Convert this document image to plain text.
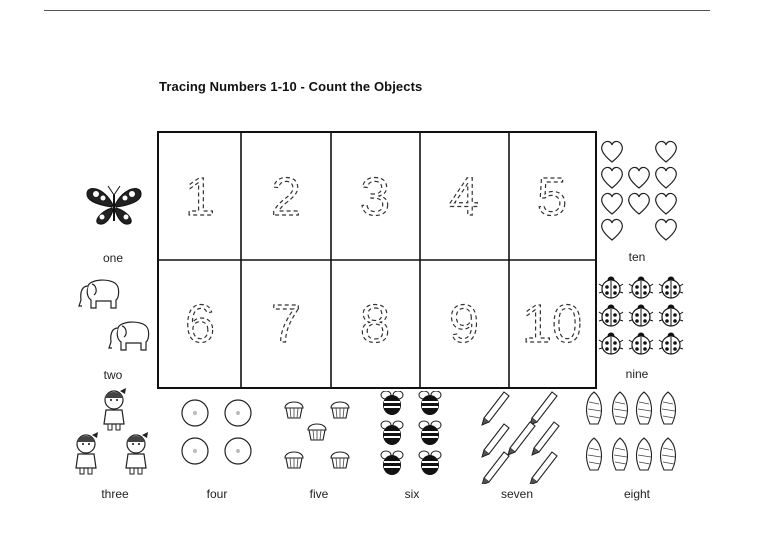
Tracing Numbers 1-10 - Count the Objects
1 2 3 4 5
6 7 8 9 10
one
two
three	four	five	six	seven	eight
nine
ten
